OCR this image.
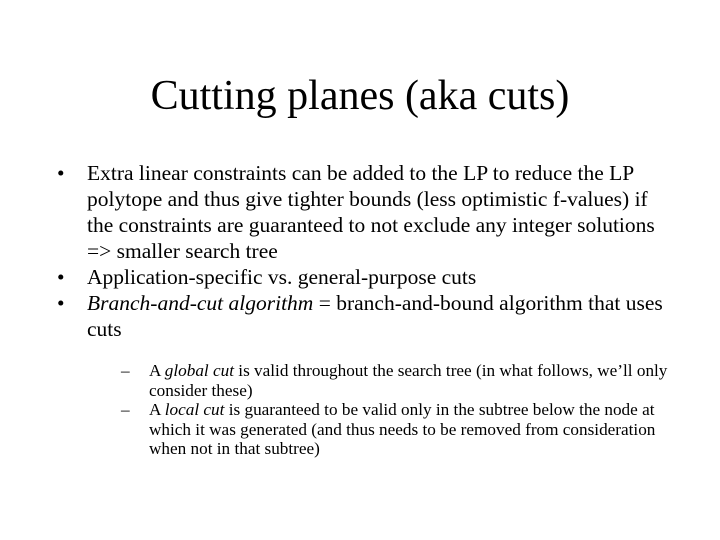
Cutting planes (aka cuts)
• Extra linear constraints can be added to the LP to reduce the LP polytope and thus give tighter bounds (less optimistic f-values) if the constraints are guaranteed to not exclude any integer solutions => smaller search tree
• Application-specific vs. general-purpose cuts
• Branch-and-cut algorithm = branch-and-bound algorithm that uses cuts
– A global cut is valid throughout the search tree (in what follows, we’ll only consider these)
– A local cut is guaranteed to be valid only in the subtree below the node at which it was generated (and thus needs to be removed from consideration when not in that subtree)
